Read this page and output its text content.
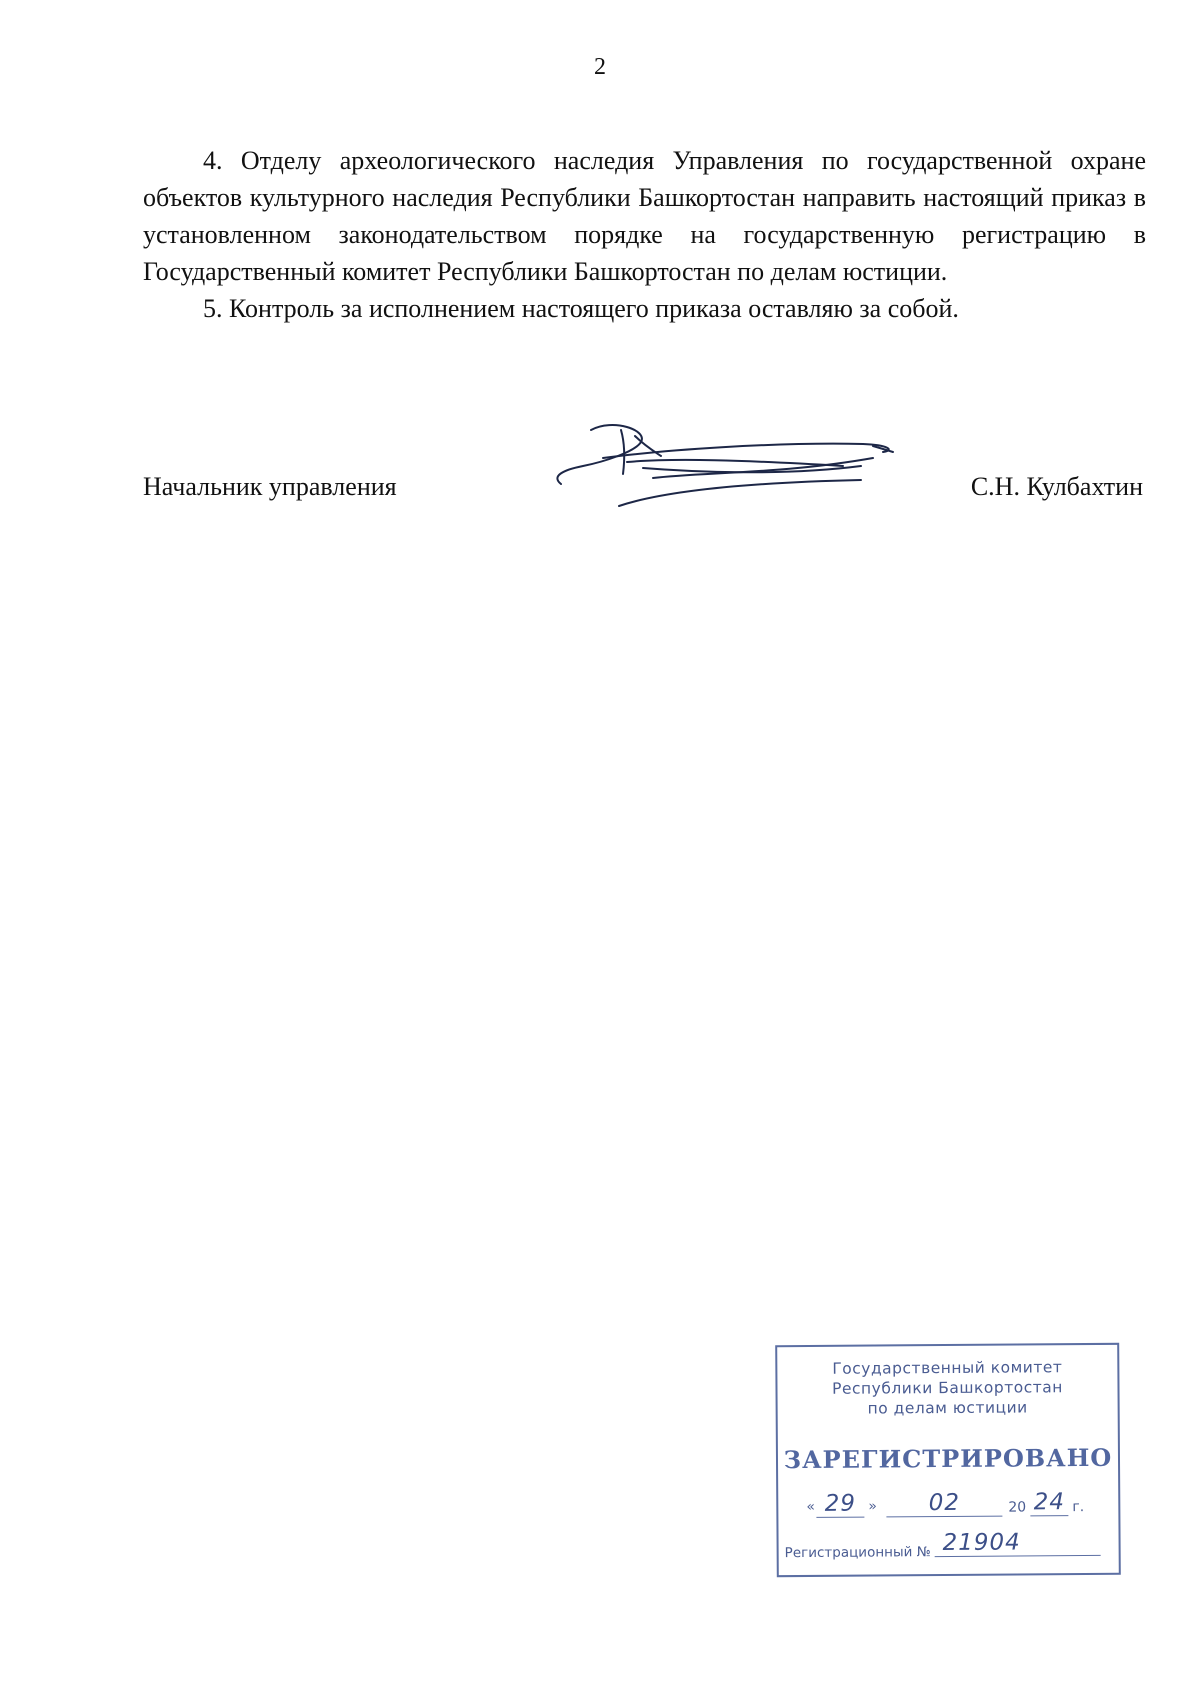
2

4. Отделу археологического наследия Управления по государственной охране объектов культурного наследия Республики Башкортостан направить настоящий приказ в установленном законодательством порядке на государственную регистрацию в Государственный комитет Республики Башкортостан по делам юстиции.

5. Контроль за исполнением настоящего приказа оставляю за собой.

Начальник управления	С.Н. Кулбахтин
Государственный комитет
Республики Башкортостан
по делам юстиции
ЗАРЕГИСТРИРОВАНО
« 29 »	02	20 24 г.
Регистрационный № 21904
